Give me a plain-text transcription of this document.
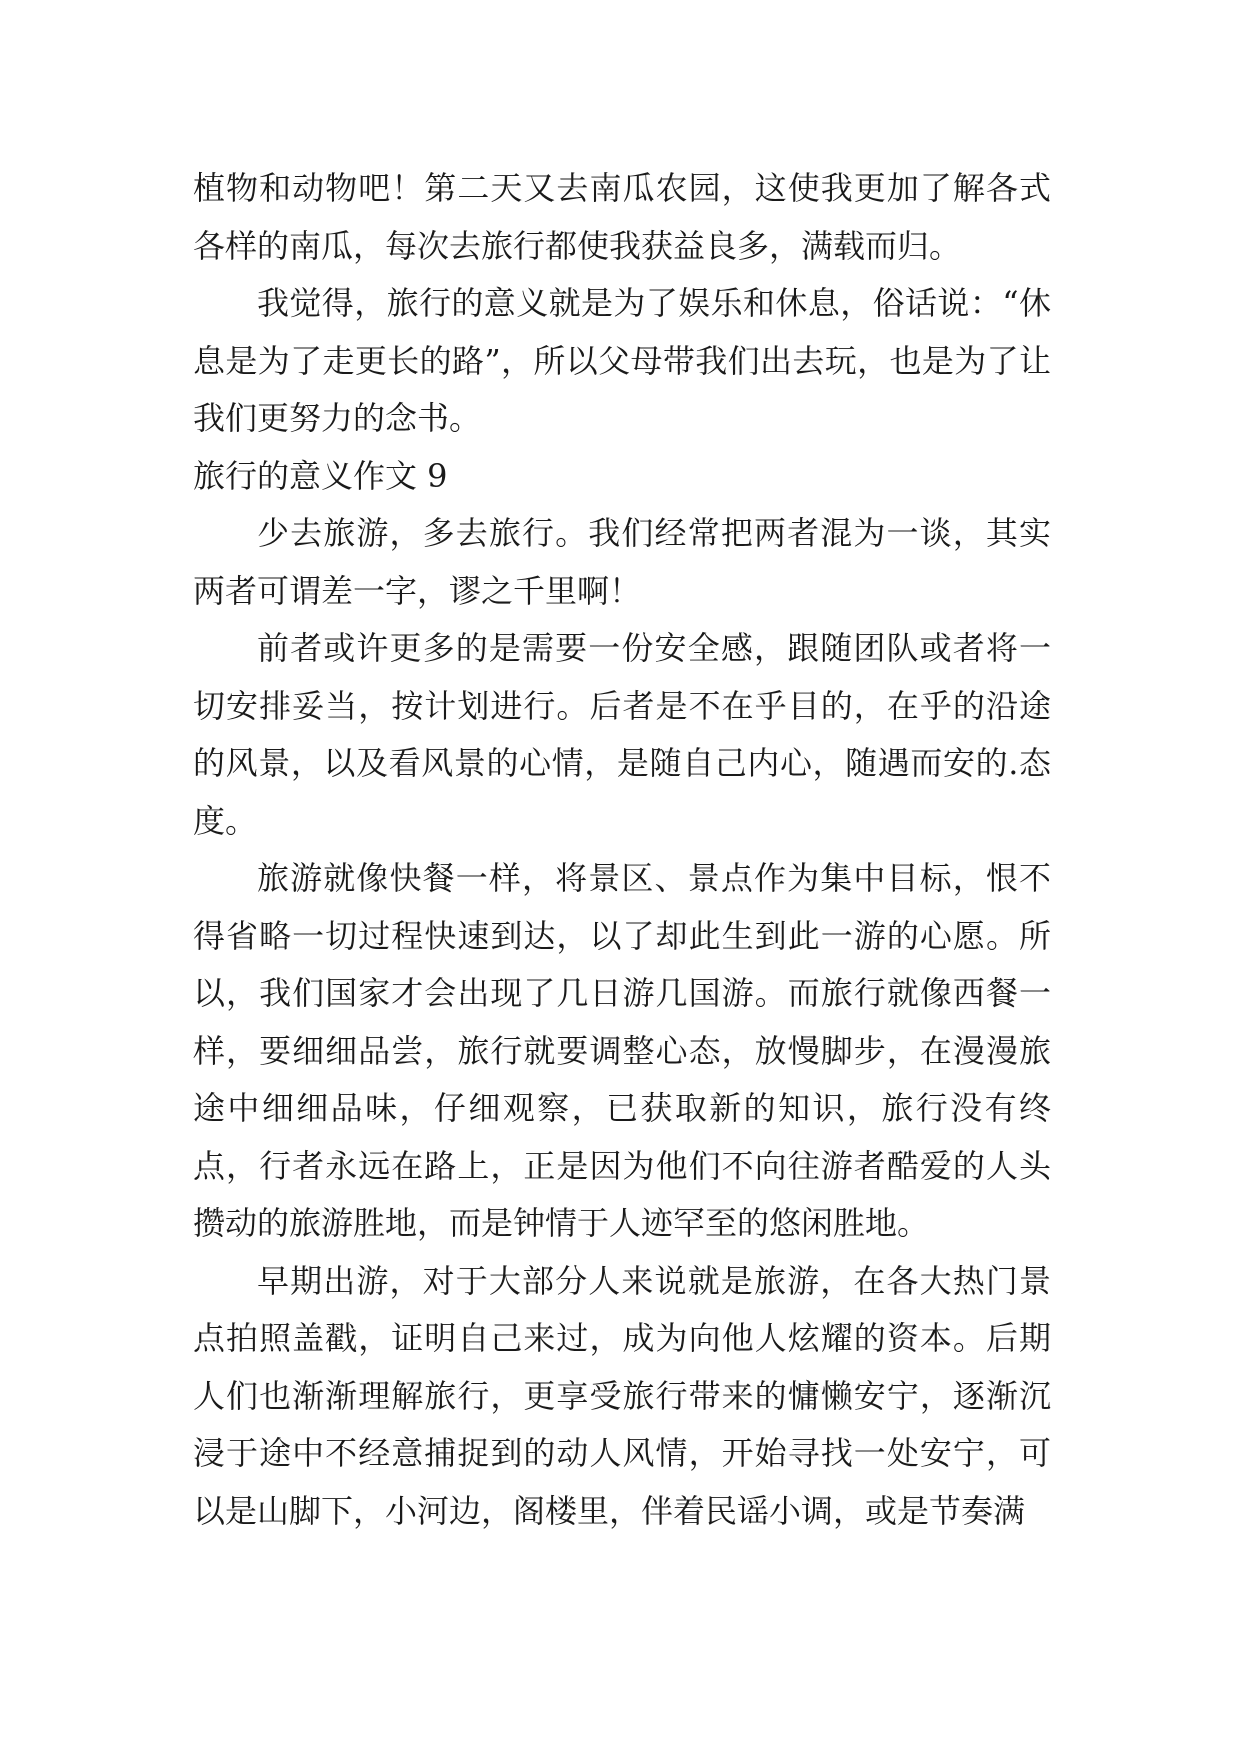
植物和动物吧！第二天又去南瓜农园，这使我更加了解各式各样的南瓜，每次去旅行都使我获益良多，满载而归。

我觉得，旅行的意义就是为了娱乐和休息，俗话说：“休息是为了走更长的路”，所以父母带我们出去玩，也是为了让我们更努力的念书。

旅行的意义作文 9

少去旅游，多去旅行。我们经常把两者混为一谈，其实两者可谓差一字，谬之千里啊！

前者或许更多的是需要一份安全感，跟随团队或者将一切安排妥当，按计划进行。后者是不在乎目的，在乎的沿途的风景，以及看风景的心情，是随自己内心，随遇而安的.态度。

旅游就像快餐一样，将景区、景点作为集中目标，恨不得省略一切过程快速到达，以了却此生到此一游的心愿。所以，我们国家才会出现了几日游几国游。而旅行就像西餐一样，要细细品尝，旅行就要调整心态，放慢脚步，在漫漫旅途中细细品味，仔细观察，已获取新的知识，旅行没有终点，行者永远在路上，正是因为他们不向往游者酷爱的人头攒动的旅游胜地，而是钟情于人迹罕至的悠闲胜地。

早期出游，对于大部分人来说就是旅游，在各大热门景点拍照盖戳，证明自己来过，成为向他人炫耀的资本。后期人们也渐渐理解旅行，更享受旅行带来的慵懒安宁，逐渐沉浸于途中不经意捕捉到的动人风情，开始寻找一处安宁，可以是山脚下，小河边，阁楼里，伴着民谣小调，或是节奏满
